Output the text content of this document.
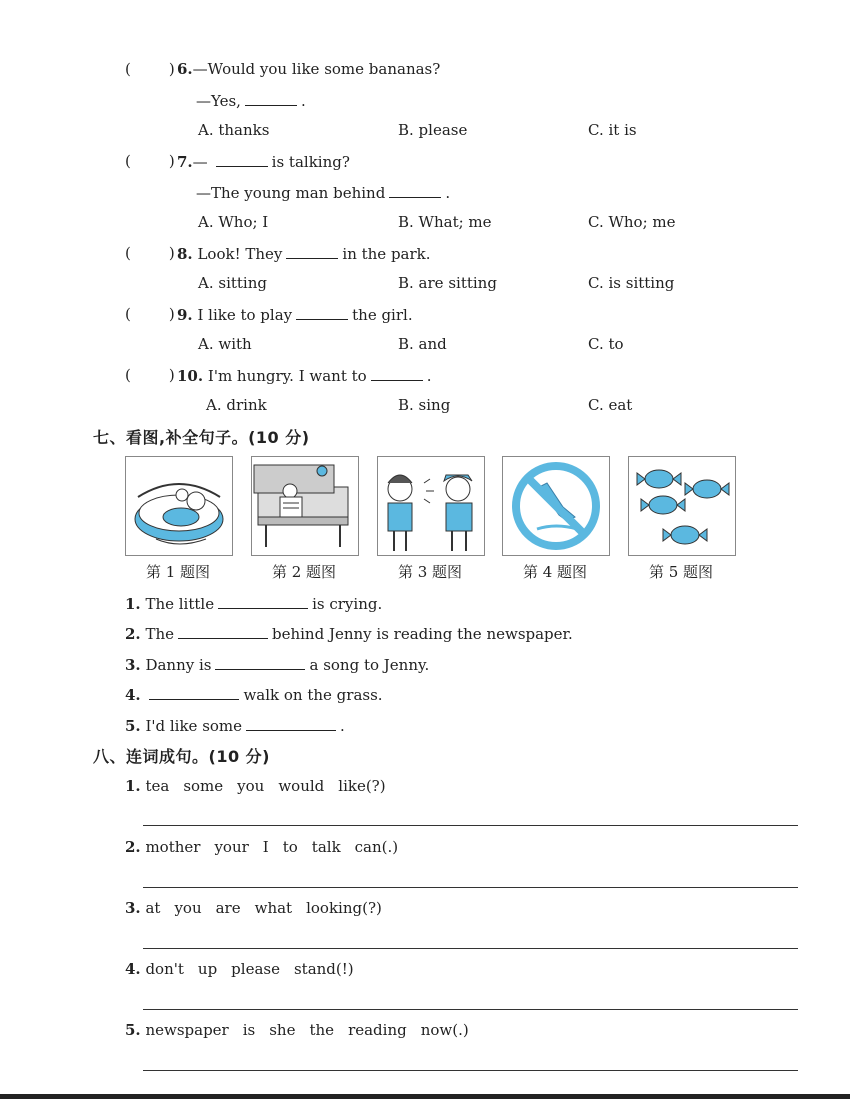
(	) 6.—Would you like some bananas?
—Yes,	.
A. thanks	B. please	C. it is
(	) 7.—	is talking?
—The young man behind	.
A. Who; I	B. What; me	C. Who; me
(	) 8. Look! They	in the park.
A. sitting	B. are sitting	C. is sitting
(	) 9. I like to play	the girl.
A. with	B. and	C. to
(	) 10. I'm hungry. I want to	.
A. drink	B. sing	C. eat
七、看图,补全句子。(10 分)
第 1 题图	第 2 题图	第 3 题图	第 4 题图	第 5 题图
1. The little	is crying.
2. The	behind Jenny is reading the newspaper.
3. Danny is	a song to Jenny.
4.	walk on the grass.
5. I'd like some	.
八、连词成句。(10 分)
1. tea some you would like(?)
2. mother your I to talk can(.)
3. at you are what looking(?)
4. don't up please stand(!)
5. newspaper is she the reading now(.)
